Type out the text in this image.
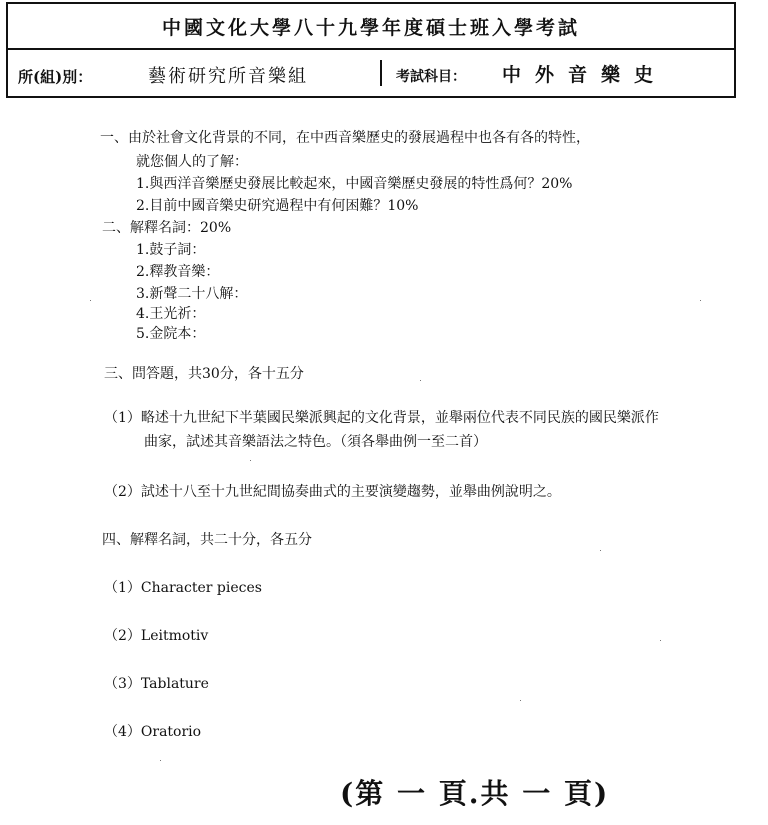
中國文化大學八十九學年度碩士班入學考試
所(組)別：	藝術研究所音樂組	考試科目： 中外音樂史
一、由於社會文化背景的不同，在中西音樂歷史的發展過程中也各有各的特性，
就您個人的了解：
1.與西洋音樂歷史發展比較起來，中國音樂歷史發展的特性爲何？20%
2.目前中國音樂史研究過程中有何困難？10%
二、解釋名詞：20%
1.鼓子詞：
2.釋教音樂：
3.新聲二十八解：
4.王光祈：
5.金院本：
三、問答題，共30分，各十五分
（1）略述十九世紀下半葉國民樂派興起的文化背景，並舉兩位代表不同民族的國民樂派作
曲家，試述其音樂語法之特色。（須各舉曲例一至二首）
（2）試述十八至十九世紀間協奏曲式的主要演變趨勢，並舉曲例說明之。
四、解釋名詞，共二十分，各五分
（1）Character pieces
（2）Leitmotiv
（3）Tablature
（4）Oratorio
(第 一 頁.共 一 頁)
